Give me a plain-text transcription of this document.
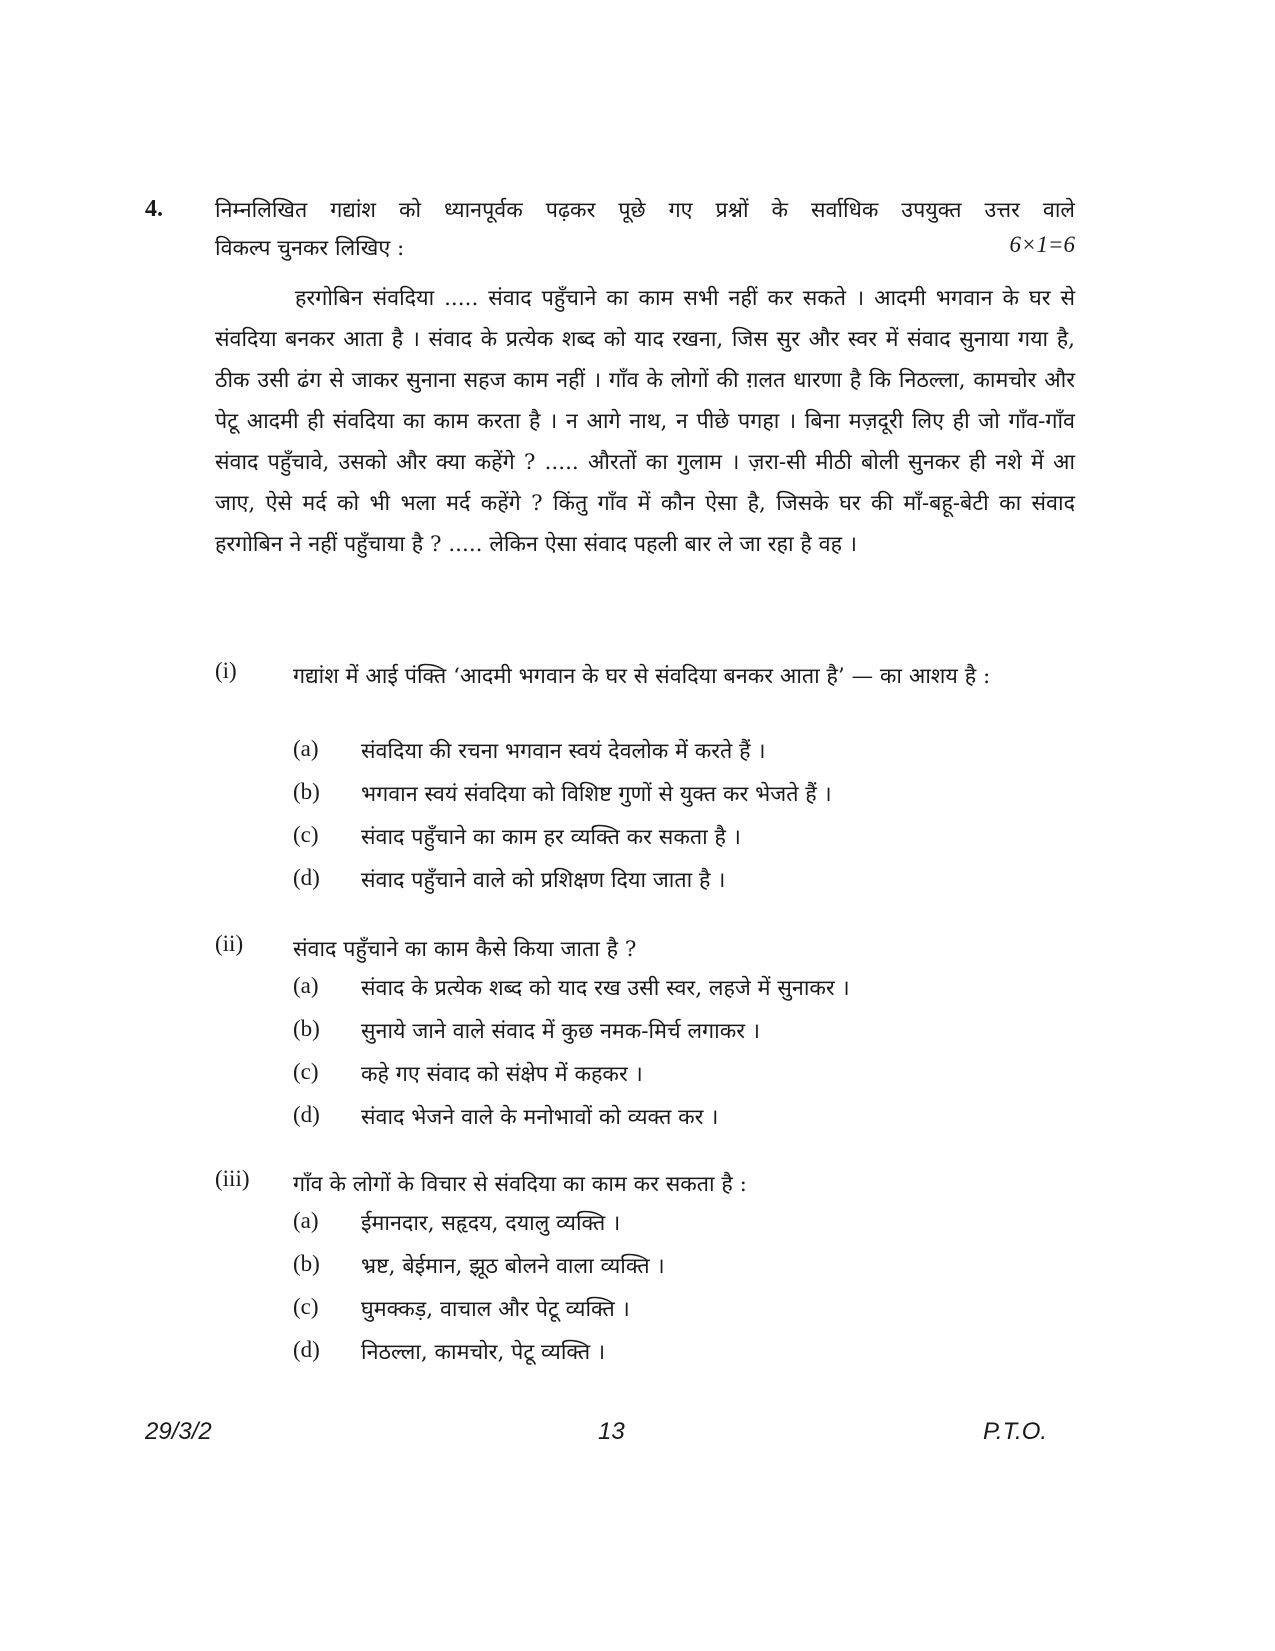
4. निम्नलिखित गद्यांश को ध्यानपूर्वक पढ़कर पूछे गए प्रश्नों के सर्वाधिक उपयुक्त उत्तर वाले
विकल्प चुनकर लिखिए :	6×1=6
हरगोबिन संवदिया ..... संवाद पहुँचाने का काम सभी नहीं कर सकते । आदमी भगवान के घर से संवदिया बनकर आता है । संवाद के प्रत्येक शब्द को याद रखना, जिस सुर और स्वर में संवाद सुनाया गया है, ठीक उसी ढंग से जाकर सुनाना सहज काम नहीं । गाँव के लोगों की ग़लत धारणा है कि निठल्ला, कामचोर और पेटू आदमी ही संवदिया का काम करता है । न आगे नाथ, न पीछे पगहा । बिना मज़दूरी लिए ही जो गाँव-गाँव संवाद पहुँचावे, उसको और क्या कहेंगे ? ..... औरतों का गुलाम । ज़रा-सी मीठी बोली सुनकर ही नशे में आ जाए, ऐसे मर्द को भी भला मर्द कहेंगे ? किंतु गाँव में कौन ऐसा है, जिसके घर की माँ-बहू-बेटी का संवाद हरगोबिन ने नहीं पहुँचाया है ? ..... लेकिन ऐसा संवाद पहली बार ले जा रहा है वह ।
(i)	गद्यांश में आई पंक्ति ‘आदमी भगवान के घर से संवदिया बनकर आता है’ — का आशय है :
(a) संवदिया की रचना भगवान स्वयं देवलोक में करते हैं ।
(b) भगवान स्वयं संवदिया को विशिष्ट गुणों से युक्त कर भेजते हैं ।
(c) संवाद पहुँचाने का काम हर व्यक्ति कर सकता है ।
(d) संवाद पहुँचाने वाले को प्रशिक्षण दिया जाता है ।
(ii) संवाद पहुँचाने का काम कैसे किया जाता है ?
(a) संवाद के प्रत्येक शब्द को याद रख उसी स्वर, लहजे में सुनाकर ।
(b) सुनाये जाने वाले संवाद में कुछ नमक-मिर्च लगाकर ।
(c) कहे गए संवाद को संक्षेप में कहकर ।
(d) संवाद भेजने वाले के मनोभावों को व्यक्त कर ।
(iii) गाँव के लोगों के विचार से संवदिया का काम कर सकता है :
(a) ईमानदार, सहृदय, दयालु व्यक्ति ।
(b) भ्रष्ट, बेईमान, झूठ बोलने वाला व्यक्ति ।
(c) घुमक्कड़, वाचाल और पेटू व्यक्ति ।
(d) निठल्ला, कामचोर, पेटू व्यक्ति ।
29/3/2	13	P.T.O.
